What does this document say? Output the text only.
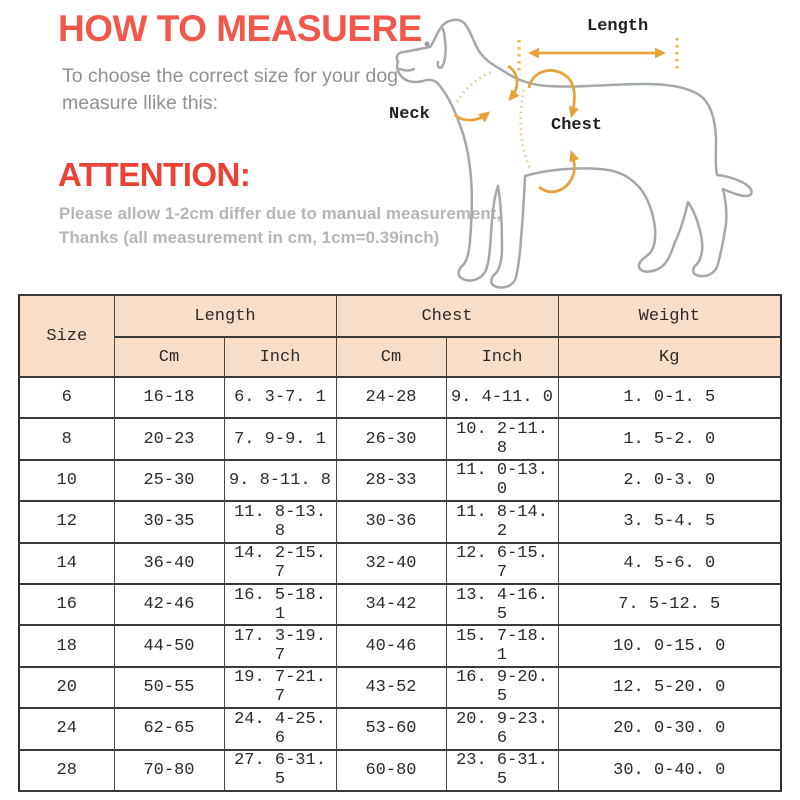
HOW TO MEASUERE
To choose the correct size for your dog
measure llike this:
ATTENTION:
Please allow 1-2cm differ due to manual measurement,
Thanks (all measurement in cm, 1cm=0.39inch)
Length
Neck
Chest
Size	Length		Chest		Weight
	Cm	Inch	Cm	Inch	Kg
6	16-18	6. 3-7. 1	24-28	9. 4-11. 0	1. 0-1. 5
8	20-23	7. 9-9. 1	26-30	10. 2-11. 8	1. 5-2. 0
10	25-30	9. 8-11. 8	28-33	11. 0-13. 0	2. 0-3. 0
12	30-35	11. 8-13. 8	30-36	11. 8-14. 2	3. 5-4. 5
14	36-40	14. 2-15. 7	32-40	12. 6-15. 7	4. 5-6. 0
16	42-46	16. 5-18. 1	34-42	13. 4-16. 5	7. 5-12. 5
18	44-50	17. 3-19. 7	40-46	15. 7-18. 1	10. 0-15. 0
20	50-55	19. 7-21. 7	43-52	16. 9-20. 5	12. 5-20. 0
24	62-65	24. 4-25. 6	53-60	20. 9-23. 6	20. 0-30. 0
28	70-80	27. 6-31. 5	60-80	23. 6-31. 5	30. 0-40. 0
